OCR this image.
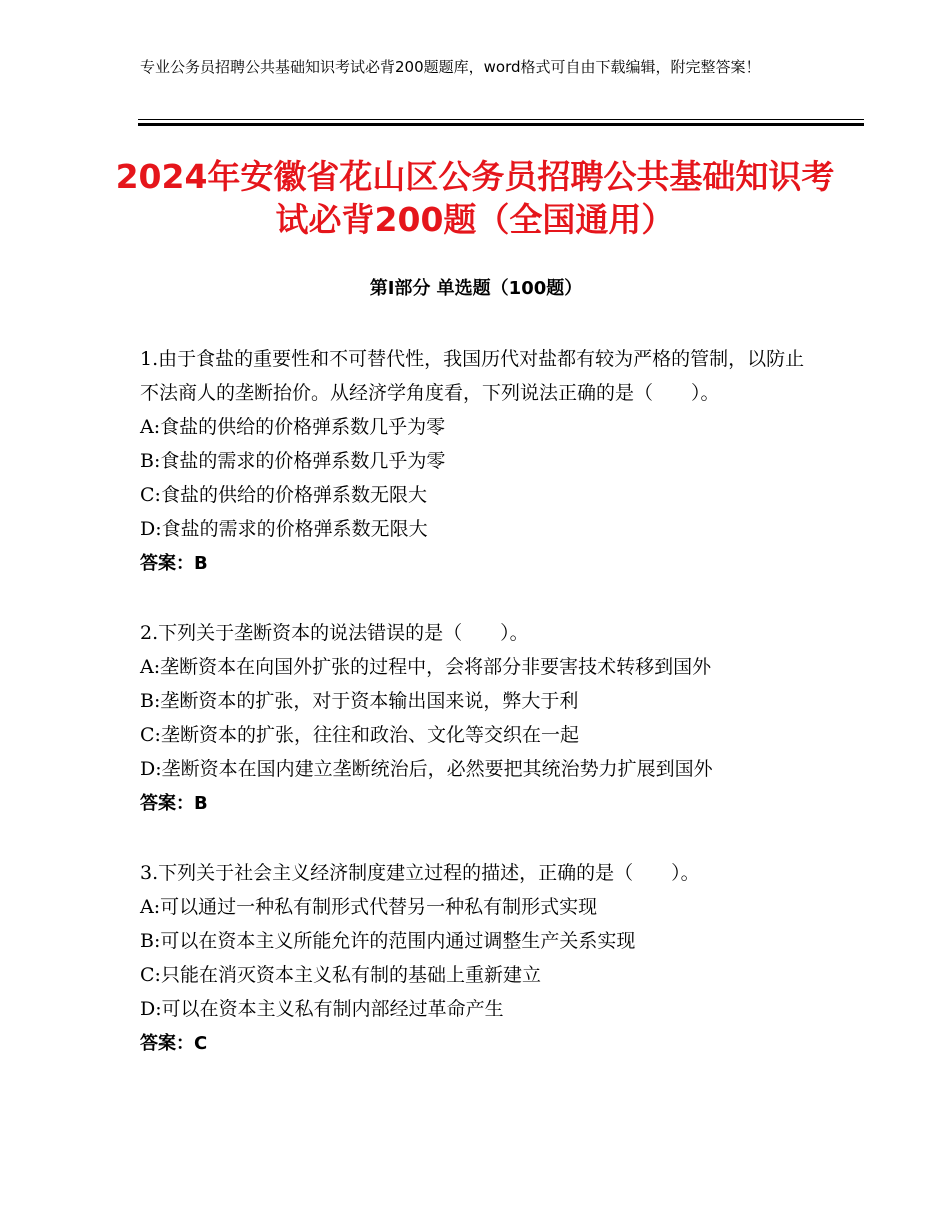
专业公务员招聘公共基础知识考试必背200题题库，word格式可自由下载编辑，附完整答案！
2024年安徽省花山区公务员招聘公共基础知识考试必背200题（全国通用）
第Ⅰ部分 单选题（100题）

1.由于食盐的重要性和不可替代性，我国历代对盐都有较为严格的管制，以防止不法商人的垄断抬价。从经济学角度看，下列说法正确的是（　　）。

A:食盐的供给的价格弹系数几乎为零

B:食盐的需求的价格弹系数几乎为零

C:食盐的供给的价格弹系数无限大

D:食盐的需求的价格弹系数无限大

答案：B

2.下列关于垄断资本的说法错误的是（　　）。

A:垄断资本在向国外扩张的过程中，会将部分非要害技术转移到国外

B:垄断资本的扩张，对于资本输出国来说，弊大于利

C:垄断资本的扩张，往往和政治、文化等交织在一起

D:垄断资本在国内建立垄断统治后，必然要把其统治势力扩展到国外

答案：B

3.下列关于社会主义经济制度建立过程的描述，正确的是（　　）。

A:可以通过一种私有制形式代替另一种私有制形式实现

B:可以在资本主义所能允许的范围内通过调整生产关系实现

C:只能在消灭资本主义私有制的基础上重新建立

D:可以在资本主义私有制内部经过革命产生

答案：C
